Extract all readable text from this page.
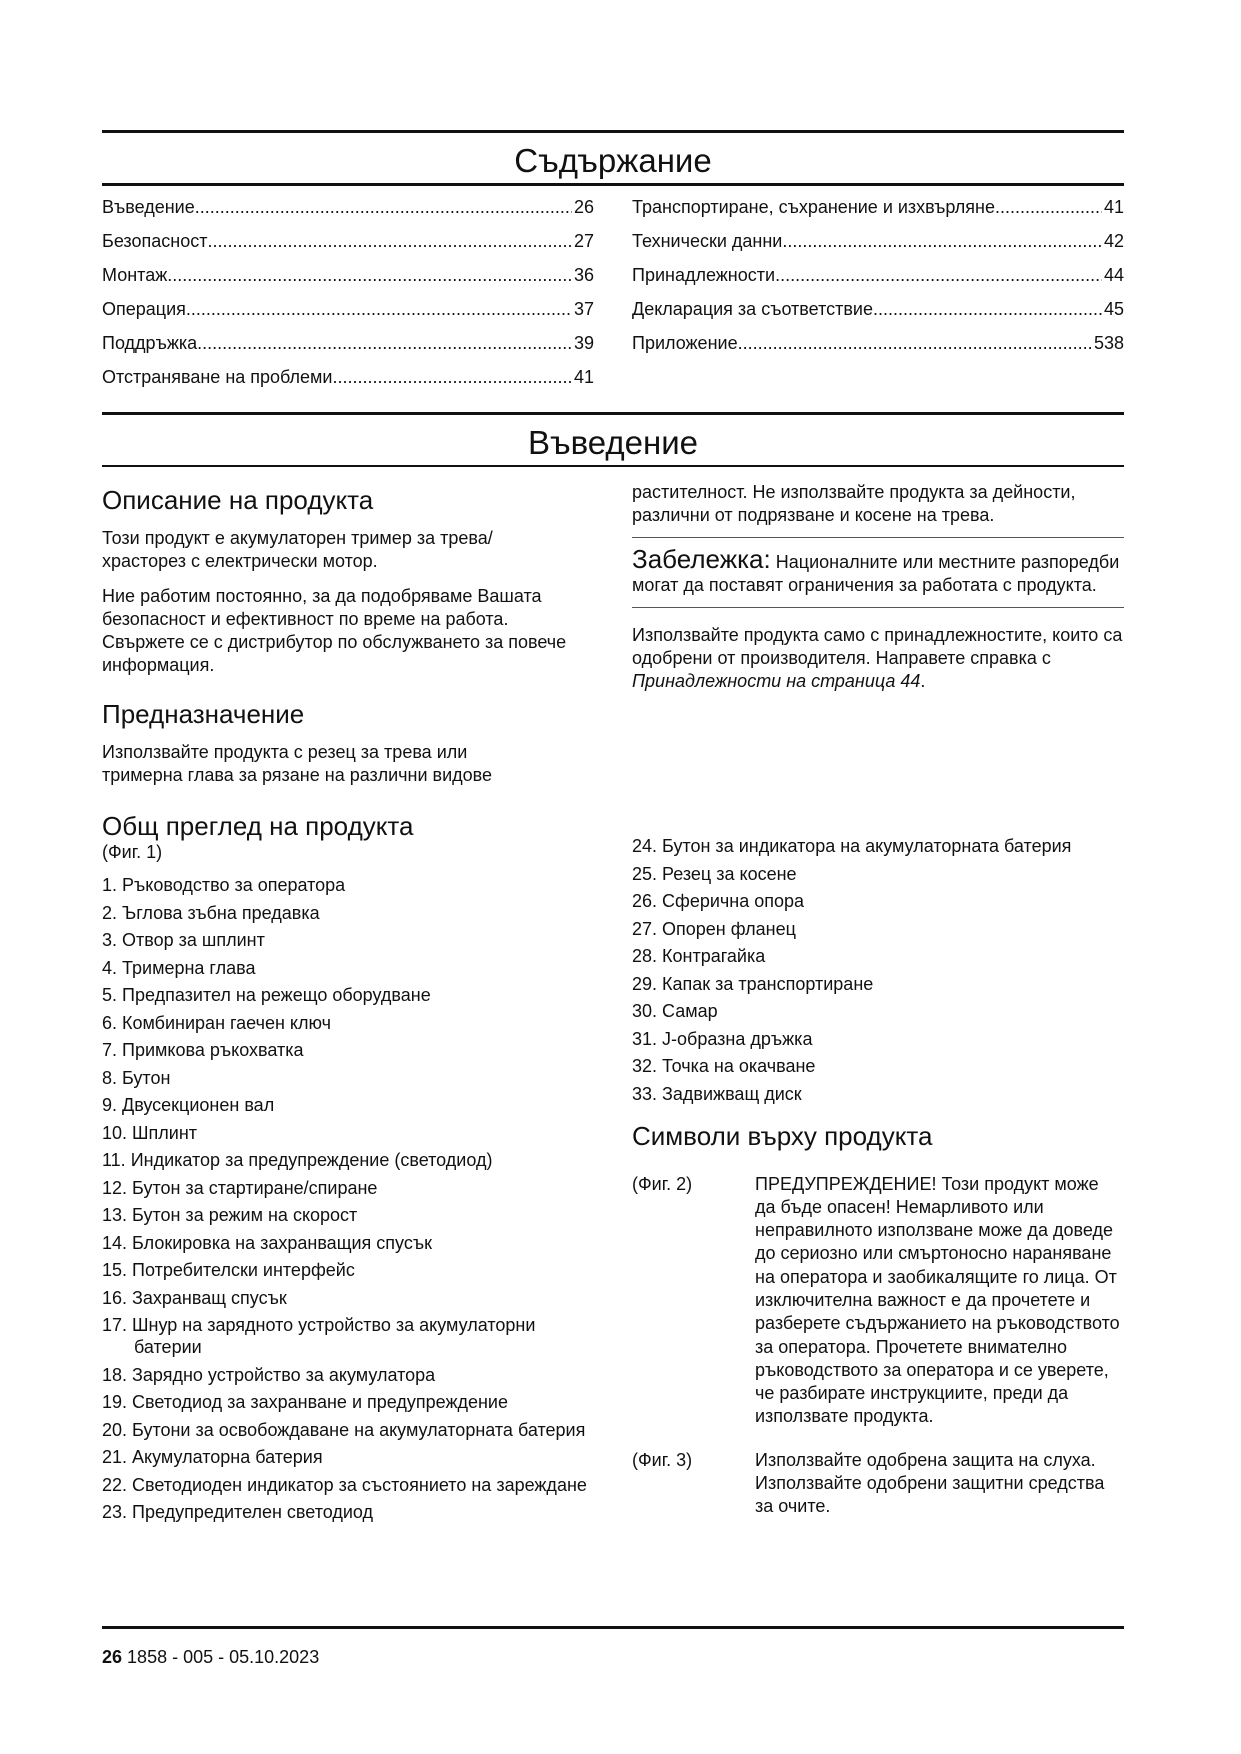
Съдържание
Въведение .....	26
Безопасност .....	27
Монтаж .....	36
Операция .....	37
Поддръжка .....	39
Отстраняване на проблеми .....	41
Транспортиране, съхранение и изхвърляне .....	41
Технически данни .....	42
Принадлежности .....	44
Декларация за съответствие .....	45
Приложение .....	538
Въведение
Описание на продукта

Този продукт е акумулаторен тример за трева/храсторез с електрически мотор.

Ние работим постоянно, за да подобряваме Вашата безопасност и ефективност по време на работа. Свържете се с дистрибутор по обслужването за повече информация.

Предназначение

Използвайте продукта с резец за трева или тримерна глава за рязане на различни видове

растителност. Не използвайте продукта за дейности, различни от подрязване и косене на трева.

Забележка: Националните или местните разпоредби могат да поставят ограничения за работата с продукта.

Използвайте продукта само с принадлежностите, които са одобрени от производителя. Направете справка с Принадлежности на страница 44.

Общ преглед на продукта

(Фиг. 1)

1. Ръководство за оператора
2. Ъглова зъбна предавка
3. Отвор за шплинт
4. Тримерна глава
5. Предпазител на режещо оборудване
6. Комбиниран гаечен ключ
7. Примкова ръкохватка
8. Бутон
9. Двусекционен вал
10. Шплинт
11. Индикатор за предупреждение (светодиод)
12. Бутон за стартиране/спиране
13. Бутон за режим на скорост
14. Блокировка на захранващия спусък
15. Потребителски интерфейс
16. Захранващ спусък
17. Шнур на зарядното устройство за акумулаторни батерии
18. Зарядно устройство за акумулатора
19. Светодиод за захранване и предупреждение
20. Бутони за освобождаване на акумулаторната батерия
21. Акумулаторна батерия
22. Светодиоден индикатор за състоянието на зареждане
23. Предупредителен светодиод
24. Бутон за индикатора на акумулаторната батерия
25. Резец за косене
26. Сферична опора
27. Опорен фланец
28. Контрагайка
29. Капак за транспортиране
30. Самар
31. J-образна дръжка
32. Точка на окачване
33. Задвижващ диск
Символи върху продукта
(Фиг. 2)	ПРЕДУПРЕЖДЕНИЕ! Този продукт може да бъде опасен! Немарливото или неправилното използване може да доведе до сериозно или смъртоносно нараняване на оператора и заобикалящите го лица. От изключителна важност е да прочетете и разберете съдържанието на ръководството за оператора. Прочетете внимателно ръководството за оператора и се уверете, че разбирате инструкциите, преди да използвате продукта.
(Фиг. 3)	Използвайте одобрена защита на слуха. Използвайте одобрени защитни средства за очите.
26 1858 - 005 - 05.10.2023
